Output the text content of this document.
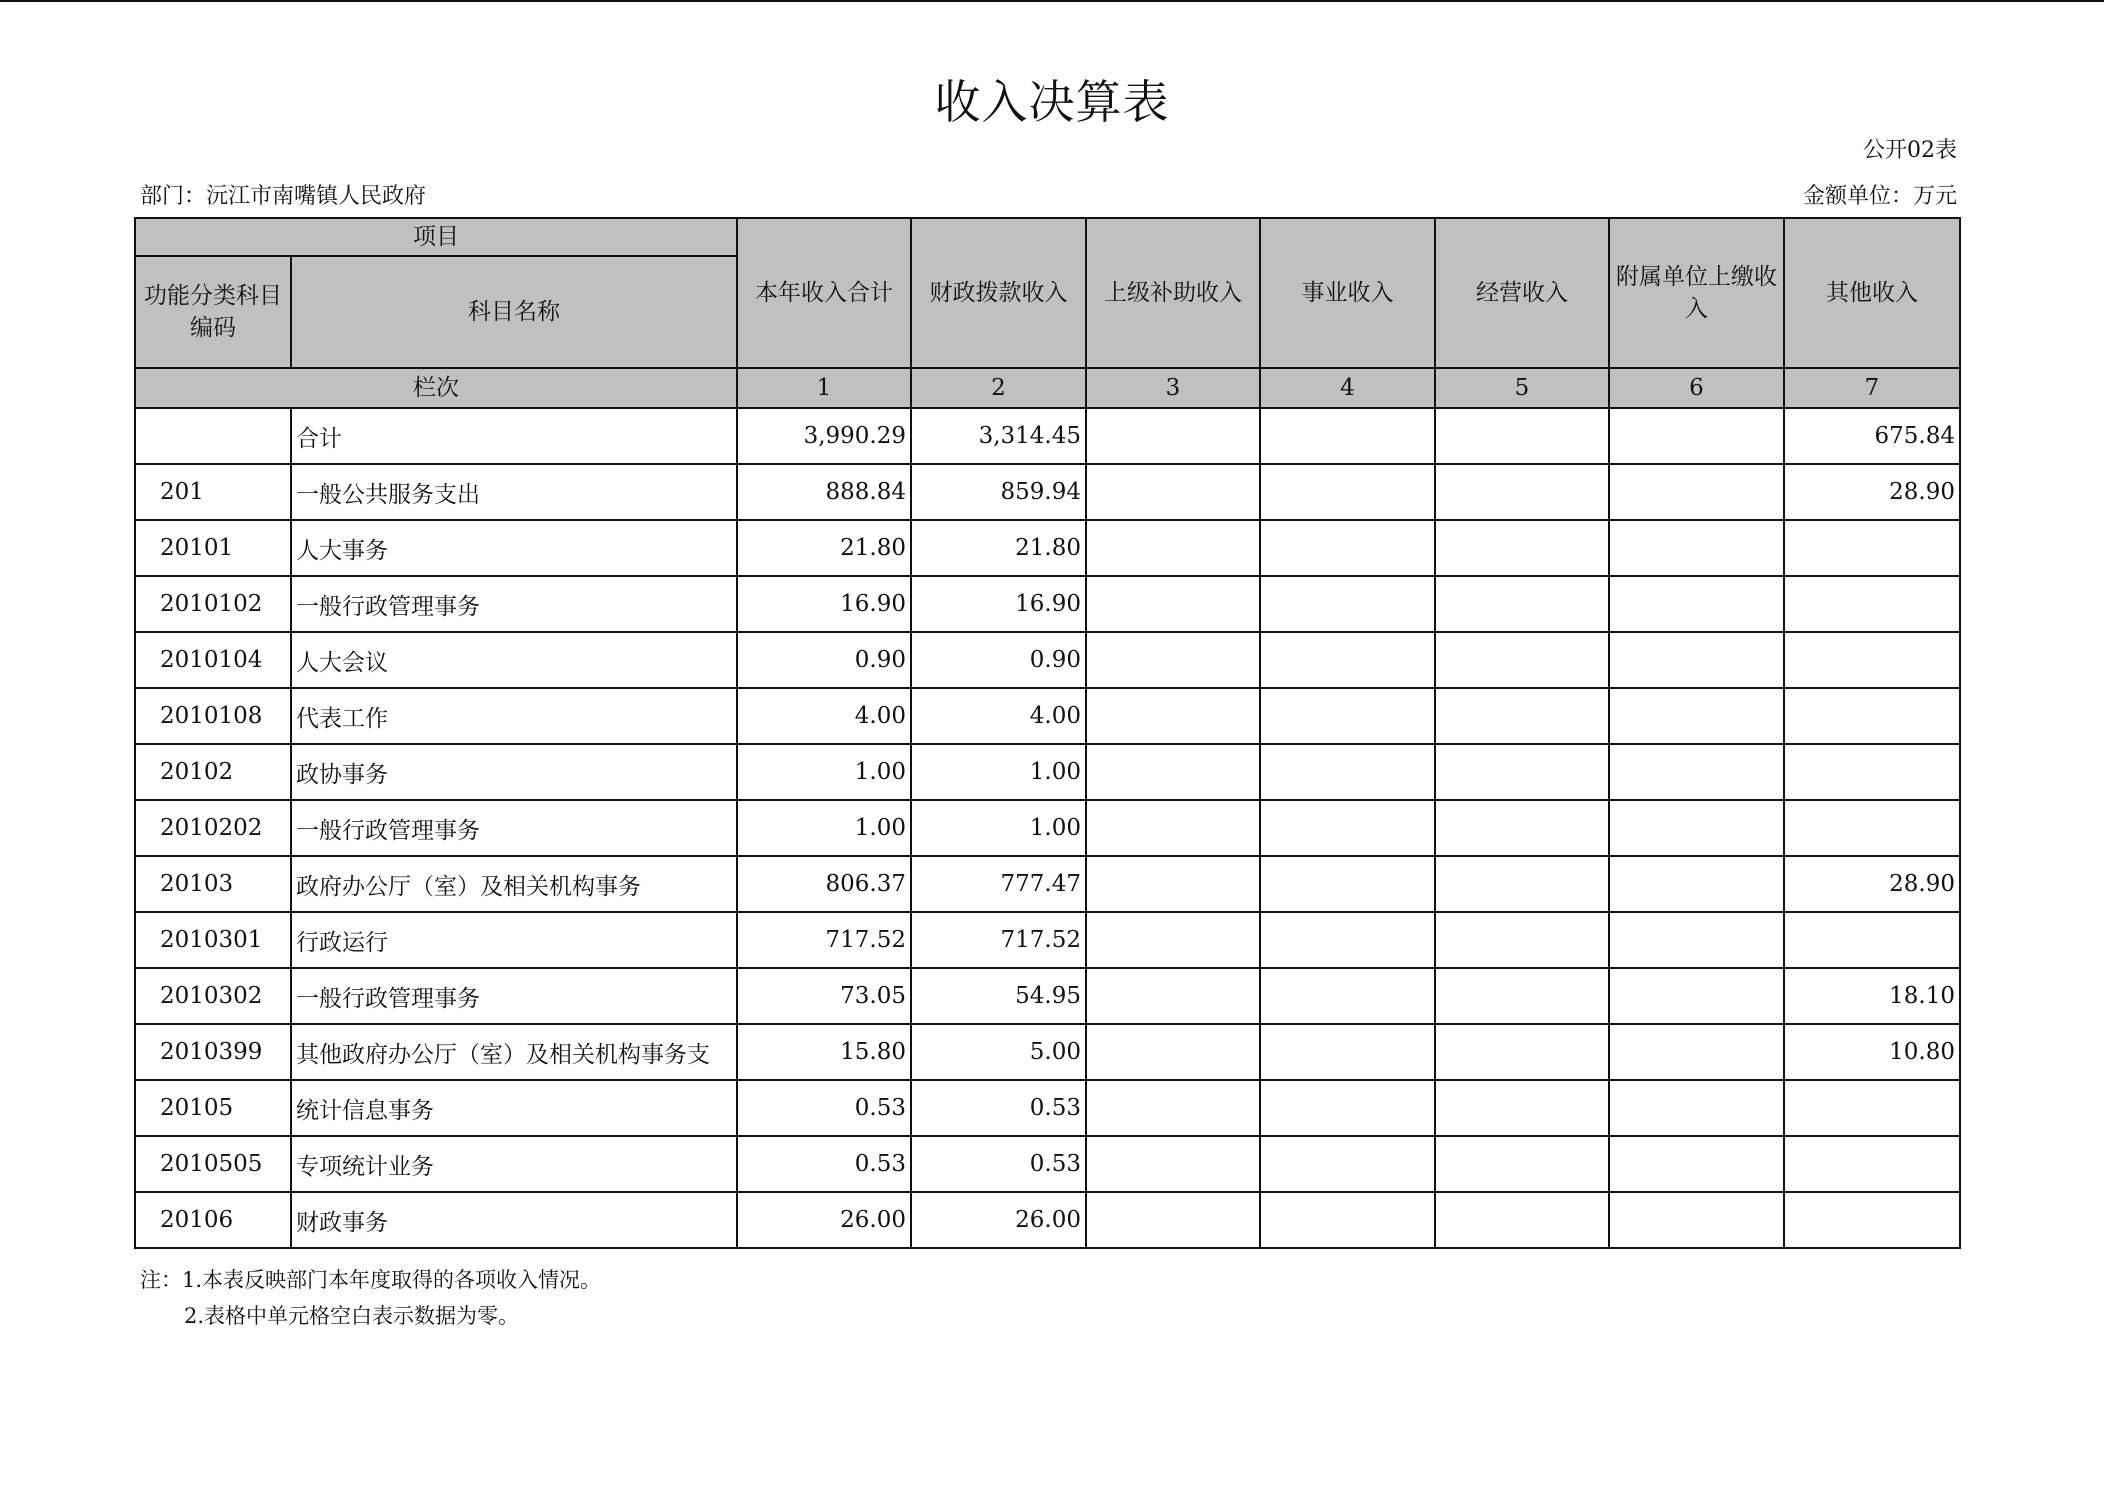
收入决算表
公开02表
部门：沅江市南嘴镇人民政府	金额单位：万元
项目		本年收入合计	财政拨款收入	上级补助收入	事业收入	经营收入	附属单位上缴收入	其他收入
功能分类科目编码	科目名称							
栏次		1	2	3	4	5	6	7
	合计	3,990.29	3,314.45					675.84
201	一般公共服务支出	888.84	859.94					28.90
20101	人大事务	21.80	21.80					
2010102	一般行政管理事务	16.90	16.90					
2010104	人大会议	0.90	0.90					
2010108	代表工作	4.00	4.00					
20102	政协事务	1.00	1.00					
2010202	一般行政管理事务	1.00	1.00					
20103	政府办公厅（室）及相关机构事务	806.37	777.47					28.90
2010301	行政运行	717.52	717.52					
2010302	一般行政管理事务	73.05	54.95					18.10
2010399	其他政府办公厅（室）及相关机构事务支	15.80	5.00					10.80
20105	统计信息事务	0.53	0.53					
2010505	专项统计业务	0.53	0.53					
20106	财政事务	26.00	26.00					
注：1.本表反映部门本年度取得的各项收入情况。
2.表格中单元格空白表示数据为零。
